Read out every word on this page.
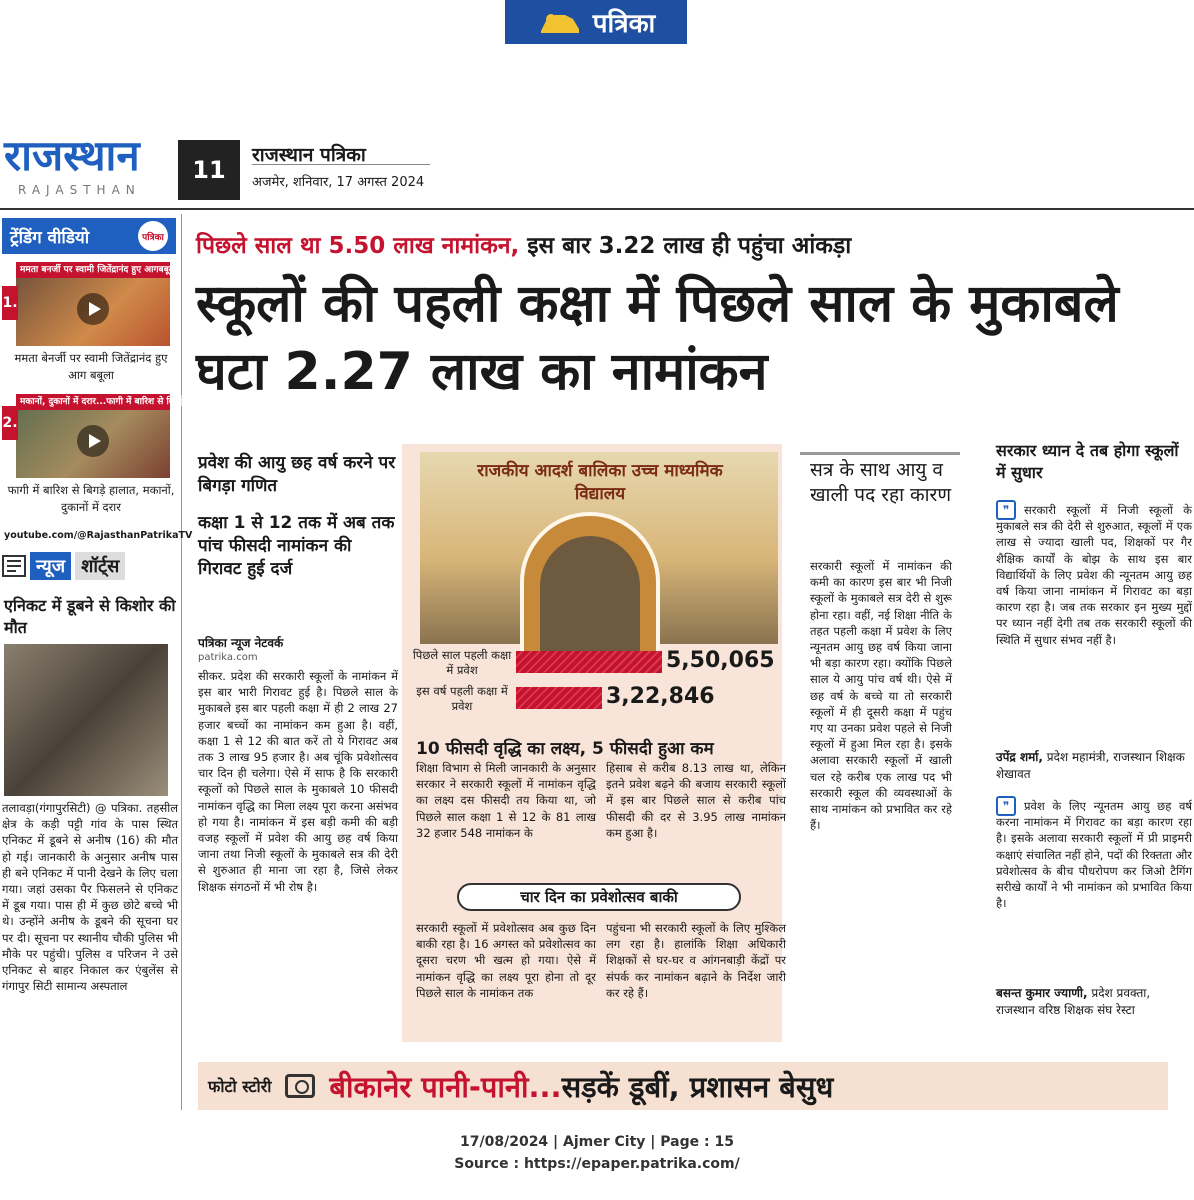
पत्रिका
राजस्थान
RAJASTHAN
11
राजस्थान पत्रिका
अजमेर, शनिवार, 17 अगस्त 2024
ट्रेंडिंग वीडियो	पत्रिका
ममता बनर्जी पर स्वामी जितेंद्रानंद हुए आगबबूला
1.
ममता बेनर्जी पर स्वामी जितेंद्रानंद हुए आग बबूला
मकानों, दुकानों में दरार...फागी में बारिश से बिगड़े हालात
2.
फागी में बारिश से बिगड़े हालात, मकानों, दुकानों में दरार
youtube.com/@RajasthanPatrikaTV
न्यूज शॉर्ट्स
एनिकट में डूबने से किशोर की मौत
तलावड़ा(गंगापुरसिटी) @ पत्रिका. तहसील क्षेत्र के कड़ी पट्टी गांव के पास स्थित एनिकट में डूबने से अनीष (16) की मौत हो गई। जानकारी के अनुसार अनीष पास ही बने एनिकट में पानी देखने के लिए चला गया। जहां उसका पैर फिसलने से एनिकट में डूब गया। पास ही में कुछ छोटे बच्चे भी थे। उन्होंने अनीष के डूबने की सूचना घर पर दी। सूचना पर स्थानीय चौकी पुलिस भी मौके पर पहुंची। पुलिस व परिजन ने उसे एनिकट से बाहर निकाल कर एंबुलेंस से गंगापुर सिटी सामान्य अस्पताल
पिछले साल था 5.50 लाख नामांकन, इस बार 3.22 लाख ही पहुंचा आंकड़ा
स्कूलों की पहली कक्षा में पिछले साल के मुकाबले घटा 2.27 लाख का नामांकन
प्रवेश की आयु छह वर्ष करने पर बिगड़ा गणित
कक्षा 1 से 12 तक में अब तक पांच फीसदी नामांकन की गिरावट हुई दर्ज
पत्रिका न्यूज नेटवर्क
patrika.com
सीकर. प्रदेश की सरकारी स्कूलों के नामांकन में इस बार भारी गिरावट हुई है। पिछले साल के मुकाबले इस बार पहली कक्षा में ही 2 लाख 27 हजार बच्चों का नामांकन कम हुआ है। वहीं, कक्षा 1 से 12 की बात करें तो ये गिरावट अब तक 3 लाख 95 हजार है। अब चूंकि प्रवेशोत्सव चार दिन ही चलेगा। ऐसे में साफ है कि सरकारी स्कूलों को पिछले साल के मुकाबले 10 फीसदी नामांकन वृद्धि का मिला लक्ष्य पूरा करना असंभव हो गया है। नामांकन में इस बड़ी कमी की बड़ी वजह स्कूलों में प्रवेश की आयु छह वर्ष किया जाना तथा निजी स्कूलों के मुकाबले सत्र की देरी से शुरुआत ही माना जा रहा है, जिसे लेकर शिक्षक संगठनों में भी रोष है।
राजकीय आदर्श बालिका उच्च माध्यमिक विद्यालय
पिछले साल पहली कक्षा में प्रवेश	5,50,065
इस वर्ष पहली कक्षा में प्रवेश	3,22,846
10 फीसदी वृद्धि का लक्ष्य, 5 फीसदी हुआ कम
शिक्षा विभाग से मिली जानकारी के अनुसार सरकार ने सरकारी स्कूलों में नामांकन वृद्धि का लक्ष्य दस फीसदी तय किया था, जो पिछले साल कक्षा 1 से 12 के 81 लाख 32 हजार 548 नामांकन के
हिसाब से करीब 8.13 लाख था, लेकिन इतने प्रवेश बढ़ने की बजाय सरकारी स्कूलों में इस बार पिछले साल से करीब पांच फीसदी की दर से 3.95 लाख नामांकन कम हुआ है।
चार दिन का प्रवेशोत्सव बाकी
सरकारी स्कूलों में प्रवेशोत्सव अब कुछ दिन बाकी रहा है। 16 अगस्त को प्रवेशोत्सव का दूसरा चरण भी खत्म हो गया। ऐसे में नामांकन वृद्धि का लक्ष्य पूरा होना तो दूर पिछले साल के नामांकन तक
पहुंचना भी सरकारी स्कूलों के लिए मुश्किल लग रहा है। हालांकि शिक्षा अधिकारी शिक्षकों से घर-घर व आंगनबाड़ी केंद्रों पर संपर्क कर नामांकन बढ़ाने के निर्देश जारी कर रहे हैं।
सत्र के साथ आयु व खाली पद रहा कारण
सरकारी स्कूलों में नामांकन की कमी का कारण इस बार भी निजी स्कूलों के मुकाबले सत्र देरी से शुरू होना रहा। वहीं, नई शिक्षा नीति के तहत पहली कक्षा में प्रवेश के लिए न्यूनतम आयु छह वर्ष किया जाना भी बड़ा कारण रहा। क्योंकि पिछले साल ये आयु पांच वर्ष थी। ऐसे में छह वर्ष के बच्चे या तो सरकारी स्कूलों में ही दूसरी कक्षा में पहुंच गए या उनका प्रवेश पहले से निजी स्कूलों में हुआ मिल रहा है। इसके अलावा सरकारी स्कूलों में खाली चल रहे करीब एक लाख पद भी सरकारी स्कूल की व्यवस्थाओं के साथ नामांकन को प्रभावित कर रहे हैं।
सरकार ध्यान दे तब होगा स्कूलों में सुधार
❞	सरकारी स्कूलों में निजी स्कूलों के मुकाबले सत्र की देरी से शुरुआत, स्कूलों में एक लाख से ज्यादा खाली पद, शिक्षकों पर गैर शैक्षिक कार्यों के बोझ के साथ इस बार विद्यार्थियों के लिए प्रवेश की न्यूनतम आयु छह वर्ष किया जाना नामांकन में गिरावट का बड़ा कारण रहा है। जब तक सरकार इन मुख्य मुद्दों पर ध्यान नहीं देगी तब तक सरकारी स्कूलों की स्थिति में सुधार संभव नहीं है।
उपेंद्र शर्मा, प्रदेश महामंत्री, राजस्थान शिक्षक शेखावत
❞	प्रवेश के लिए न्यूनतम आयु छह वर्ष करना नामांकन में गिरावट का बड़ा कारण रहा है। इसके अलावा सरकारी स्कूलों में प्री प्राइमरी कक्षाएं संचालित नहीं होने, पदों की रिक्तता और प्रवेशोत्सव के बीच पौधरोपण कर जिओ टैगिंग सरीखे कार्यों ने भी नामांकन को प्रभावित किया है।
बसन्त कुमार ज्याणी, प्रदेश प्रवक्ता, राजस्थान वरिष्ठ शिक्षक संघ रेस्टा
फोटो स्टोरी बीकानेर पानी-पानी...सड़कें डूबीं, प्रशासन बेसुध
17/08/2024 | Ajmer City | Page : 15
Source : https://epaper.patrika.com/
